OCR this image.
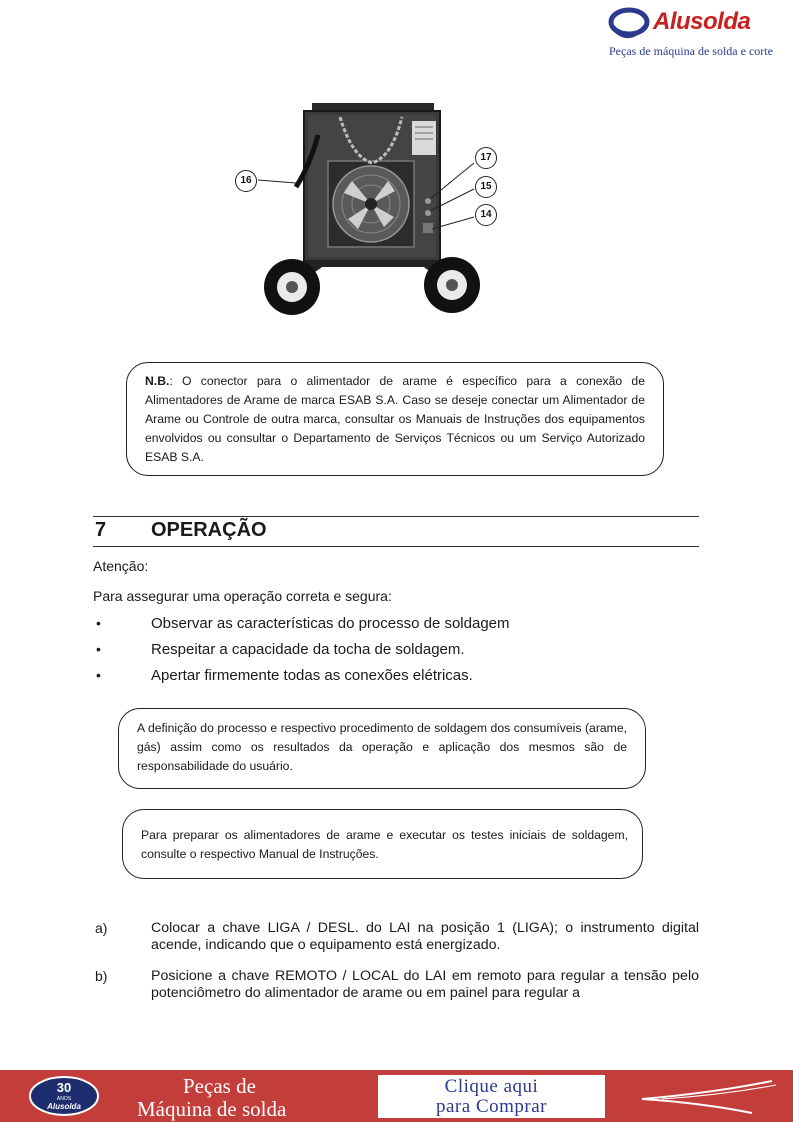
Alusolda
Peças de máquina de solda e corte
16
17
15
14
N.B.: O conector para o alimentador de arame é específico para a conexão de Alimentadores de Arame de marca ESAB S.A. Caso se deseje conectar um Alimentador de Arame ou Controle de outra marca, consultar os Manuais de Instruções dos equipamentos envolvidos ou consultar o Departamento de Serviços Técnicos ou um Serviço Autorizado ESAB S.A.
7 OPERAÇÃO
Atenção:
Para assegurar uma operação correta e segura:
•	Observar as características do processo de soldagem
•	Respeitar a capacidade da tocha de soldagem.
•	Apertar firmemente todas as conexões elétricas.
A definição do processo e respectivo procedimento de soldagem dos consumíveis (arame, gás) assim como os resultados da operação e aplicação dos mesmos são de responsabilidade do usuário.
Para preparar os alimentadores de arame e executar os testes iniciais de soldagem, consulte o respectivo Manual de Instruções.
a)	Colocar a chave LIGA / DESL. do LAI na posição 1 (LIGA); o instrumento digital acende, indicando que o equipamento está energizado.
b)	Posicione a chave REMOTO / LOCAL do LAI em remoto para regular a tensão pelo potenciômetro do alimentador de arame ou em painel para regular a
30
ANOS
Alusolda
Peças de
Máquina de solda
Clique aqui
para Comprar
